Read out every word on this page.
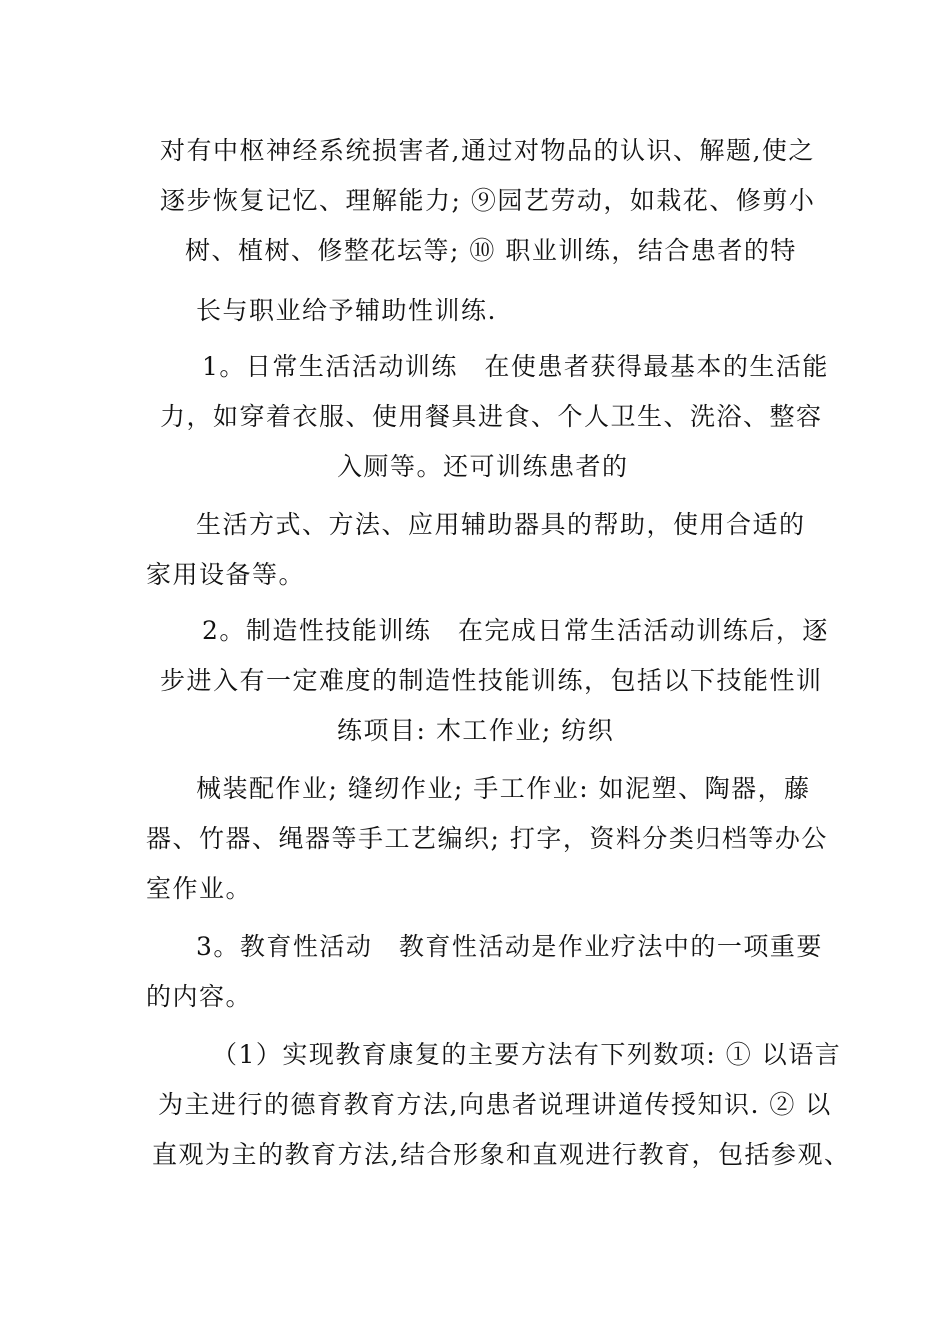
对有中枢神经系统损害者,通过对物品的认识、解题,使之
逐步恢复记忆、理解能力; ⑨园艺劳动，如栽花、修剪小
树、植树、修整花坛等; ⑩ 职业训练，结合患者的特
长与职业给予辅助性训练.
1。日常生活活动训练　在使患者获得最基本的生活能
力，如穿着衣服、使用餐具进食、个人卫生、洗浴、整容
入厕等。还可训练患者的
生活方式、方法、应用辅助器具的帮助，使用合适的
家用设备等。
2。制造性技能训练　在完成日常生活活动训练后，逐
步进入有一定难度的制造性技能训练，包括以下技能性训
练项目: 木工作业; 纺织
械装配作业; 缝纫作业; 手工作业: 如泥塑、陶器，藤
器、竹器、绳器等手工艺编织; 打字，资料分类归档等办公
室作业。
3。教育性活动　教育性活动是作业疗法中的一项重要
的内容。
（1）实现教育康复的主要方法有下列数项: ① 以语言
为主进行的德育教育方法,向患者说理讲道传授知识. ② 以
直观为主的教育方法,结合形象和直观进行教育，包括参观、
